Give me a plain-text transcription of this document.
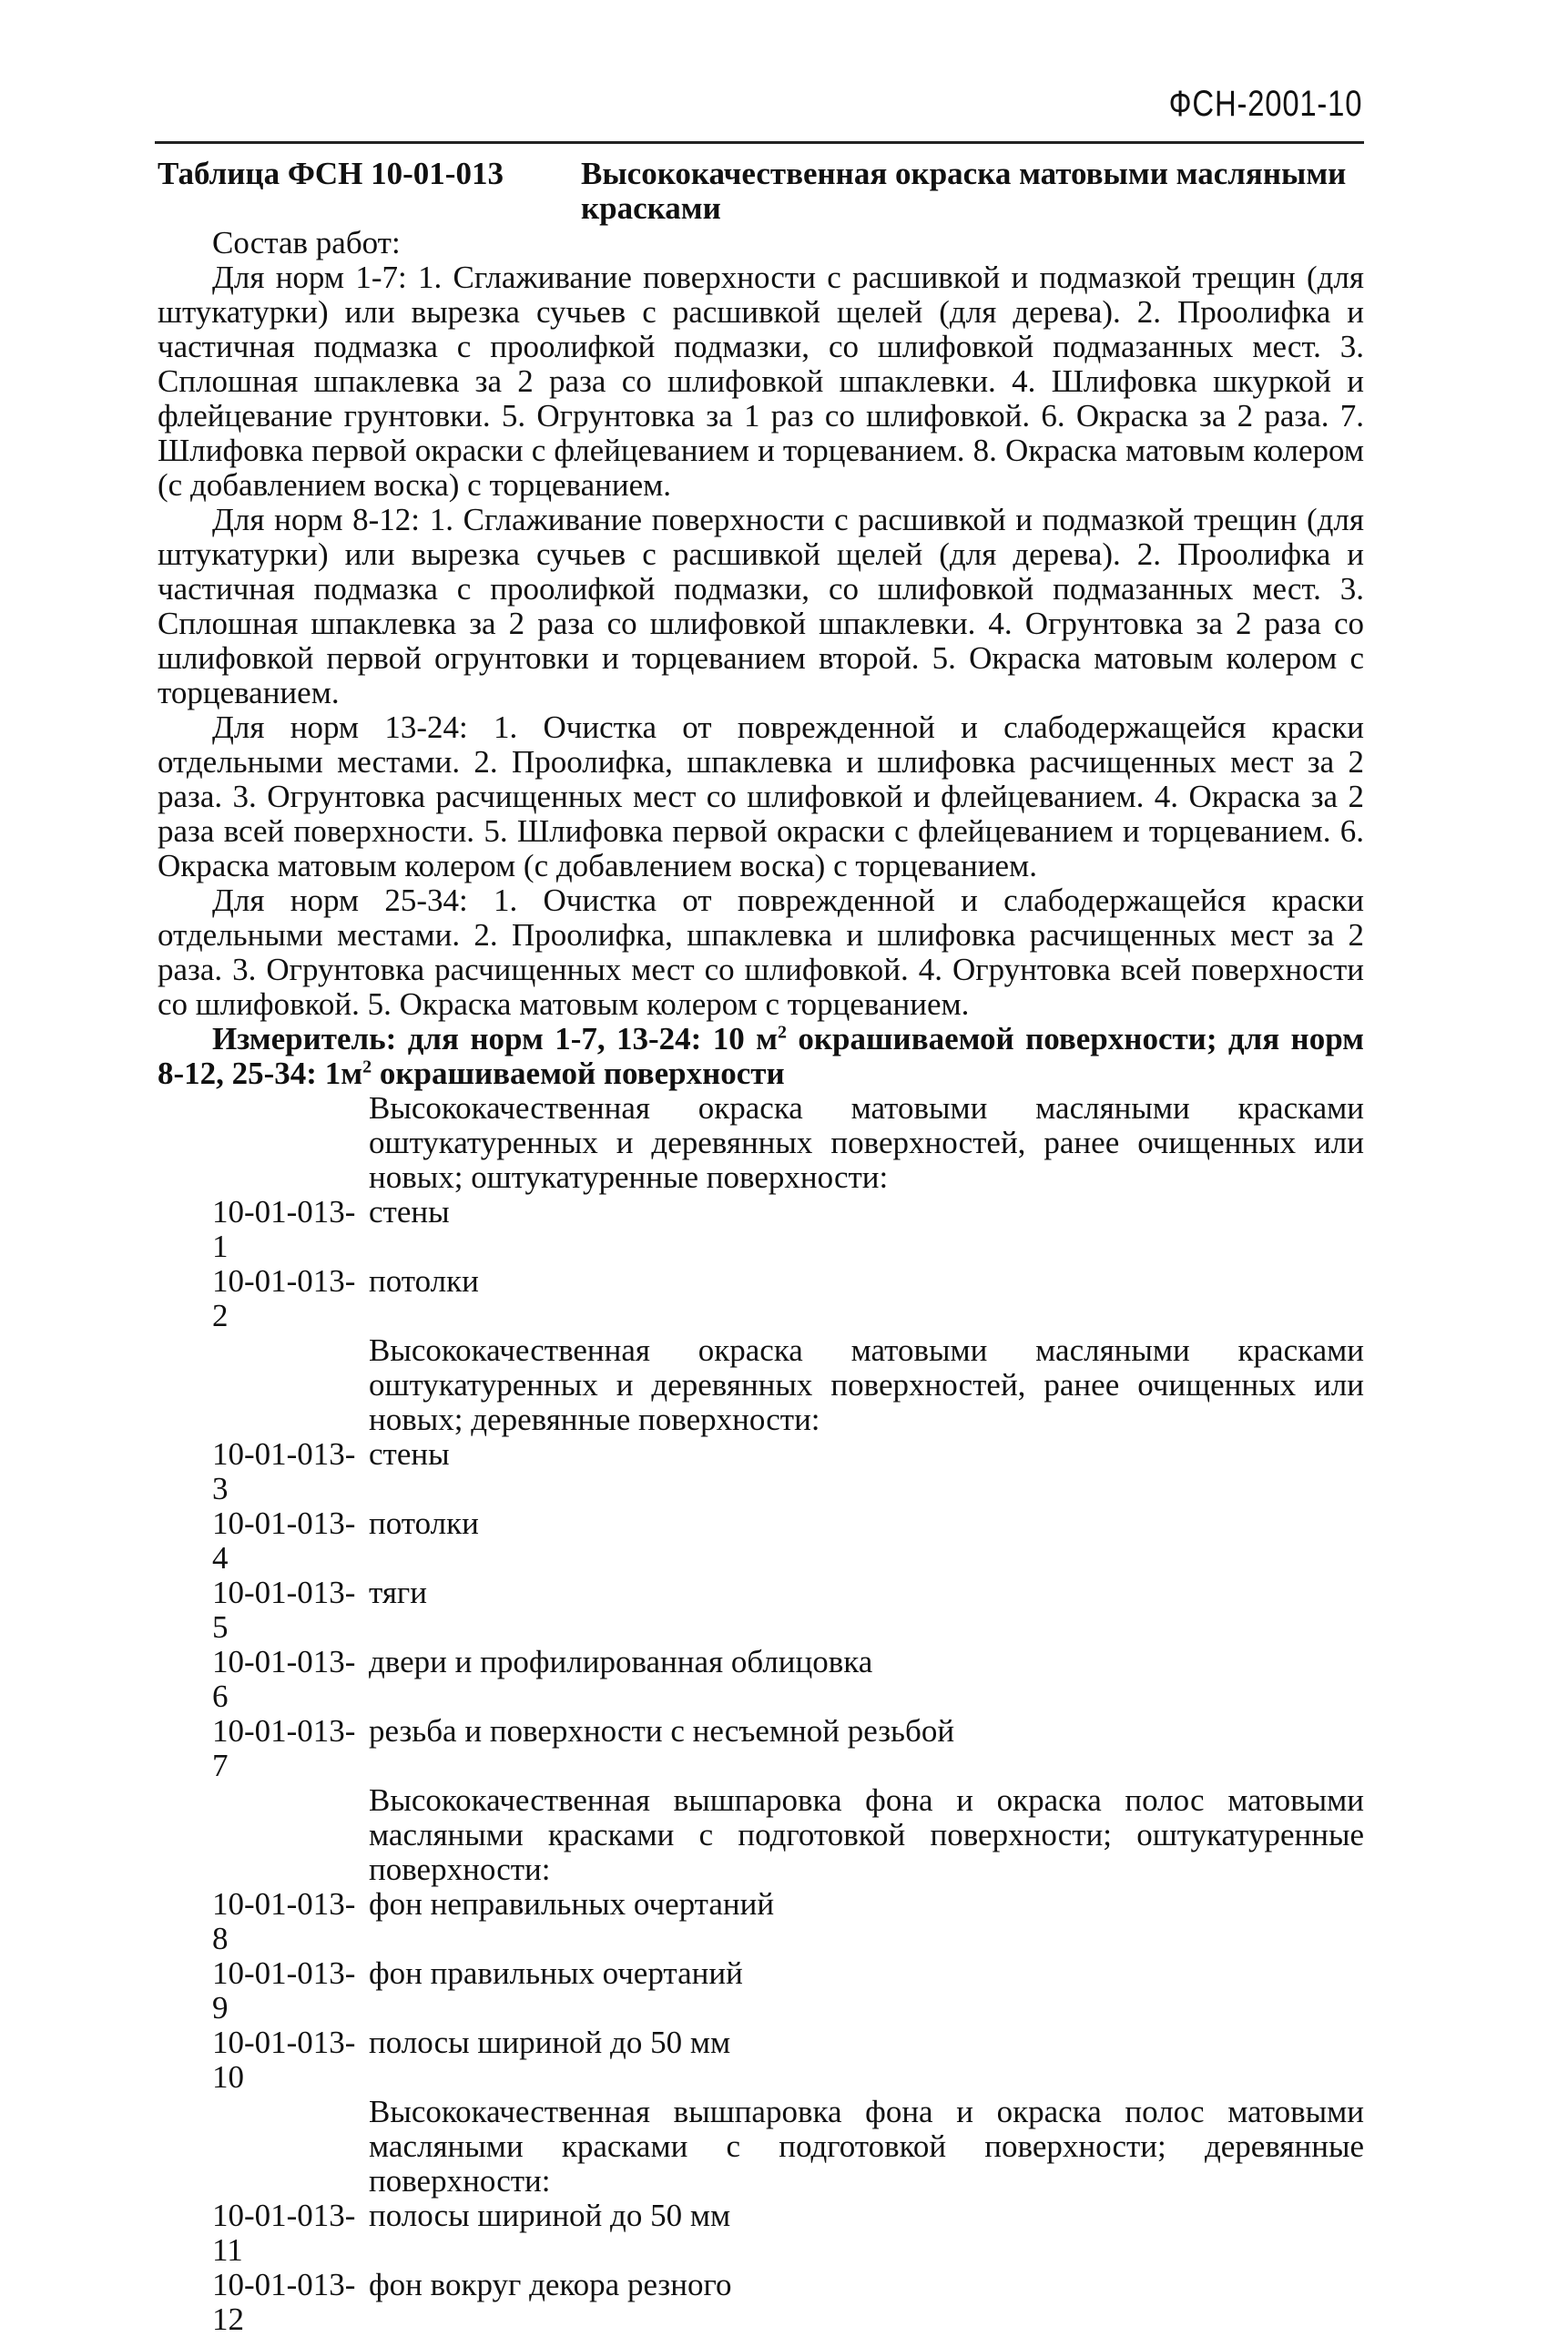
ФСН-2001-10
Таблица ФСН 10-01-013	Высококачественная окраска матовыми масляными красками

Состав работ:

Для норм 1-7: 1. Сглаживание поверхности с расшивкой и подмазкой трещин (для штукатурки) или вырезка сучьев с расшивкой щелей (для дерева). 2. Проолифка и частичная подмазка с проолифкой подмазки, со шлифовкой подмазанных мест. 3. Сплошная шпаклевка за 2 раза со шлифовкой шпаклевки. 4. Шлифовка шкуркой и флейцевание грунтовки. 5. Огрунтовка за 1 раз со шлифовкой. 6. Окраска за 2 раза. 7. Шлифовка первой окраски с флейцеванием и торцеванием. 8. Окраска матовым колером (с добавлением воска) с торцеванием.

Для норм 8-12: 1. Сглаживание поверхности с расшивкой и подмазкой трещин (для штукатурки) или вырезка сучьев с расшивкой щелей (для дерева). 2. Проолифка и частичная подмазка с проолифкой подмазки, со шлифовкой подмазанных мест. 3. Сплошная шпаклевка за 2 раза со шлифовкой шпаклевки. 4. Огрунтовка за 2 раза со шлифовкой первой огрунтовки и торцеванием второй. 5. Окраска матовым колером с торцеванием.

Для норм 13-24: 1. Очистка от поврежденной и слабодержащейся краски отдельными местами. 2. Проолифка, шпаклевка и шлифовка расчищенных мест за 2 раза. 3. Огрунтовка расчищенных мест со шлифовкой и флейцеванием. 4. Окраска за 2 раза всей поверхности. 5. Шлифовка первой окраски с флейцеванием и торцеванием. 6. Окраска матовым колером (с добавлением воска) с торцеванием.

Для норм 25-34: 1. Очистка от поврежденной и слабодержащейся краски отдельными местами. 2. Проолифка, шпаклевка и шлифовка расчищенных мест за 2 раза. 3. Огрунтовка расчищенных мест со шлифовкой. 4. Огрунтовка всей поверхности со шлифовкой. 5. Окраска матовым колером с торцеванием.

Измеритель: для норм 1-7, 13-24: 10 $м^2$ окрашиваемой поверхности; для норм 8-12, 25-34: $1м^2$ окрашиваемой поверхности

Высококачественная окраска матовыми масляными красками оштукатуренных и деревянных поверхностей, ранее очищенных или новых; оштукатуренные поверхности:
10-01-013-1
стены
10-01-013-2
потолки
Высококачественная окраска матовыми масляными красками оштукатуренных и деревянных поверхностей, ранее очищенных или новых; деревянные поверхности:
10-01-013-3
стены
10-01-013-4
потолки
10-01-013-5
тяги
10-01-013-6
двери и профилированная облицовка
10-01-013-7
резьба и поверхности с несъемной резьбой
Высококачественная вышпаровка фона и окраска полос матовыми масляными красками с подготовкой поверхности; оштукатуренные поверхности:
10-01-013-8
фон неправильных очертаний
10-01-013-9
фон правильных очертаний
10-01-013-10
полосы шириной до 50 мм
Высококачественная вышпаровка фона и окраска полос матовыми масляными красками с подготовкой поверхности; деревянные поверхности:
10-01-013-11
полосы шириной до 50 мм
10-01-013-12
фон вокруг декора резного
